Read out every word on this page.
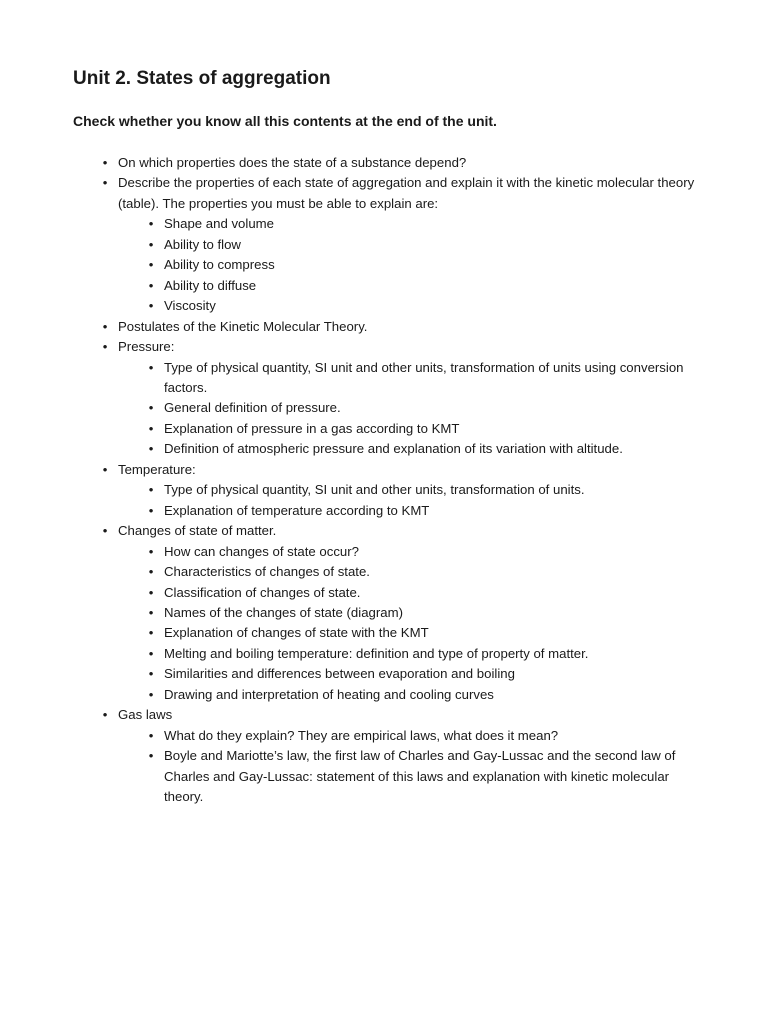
Unit 2. States of aggregation
Check whether you know all this contents at the end of the unit.
• On which properties does the state of a substance depend?
• Describe the properties of each state of aggregation and explain it with the kinetic molecular theory (table). The properties you must be able to explain are:
• Shape and volume
• Ability to flow
• Ability to compress
• Ability to diffuse
• Viscosity
• Postulates of the Kinetic Molecular Theory.
• Pressure:
• Type of physical quantity, SI unit and other units, transformation of units using conversion factors.
• General definition of pressure.
• Explanation of pressure in a gas according to KMT
• Definition of atmospheric pressure and explanation of its variation with altitude.
• Temperature:
• Type of physical quantity, SI unit and other units, transformation of units.
• Explanation of temperature according to KMT
• Changes of state of matter.
• How can changes of state occur?
• Characteristics of changes of state.
• Classification of changes of state.
• Names of the changes of state (diagram)
• Explanation of changes of state with the KMT
• Melting and boiling temperature: definition and type of property of matter.
• Similarities and differences between evaporation and boiling
• Drawing and interpretation of heating and cooling curves
• Gas laws
• What do they explain? They are empirical laws, what does it mean?
• Boyle and Mariotte’s law, the first law of Charles and Gay-Lussac and the second law of Charles and Gay-Lussac: statement of this laws and explanation with kinetic molecular theory.
